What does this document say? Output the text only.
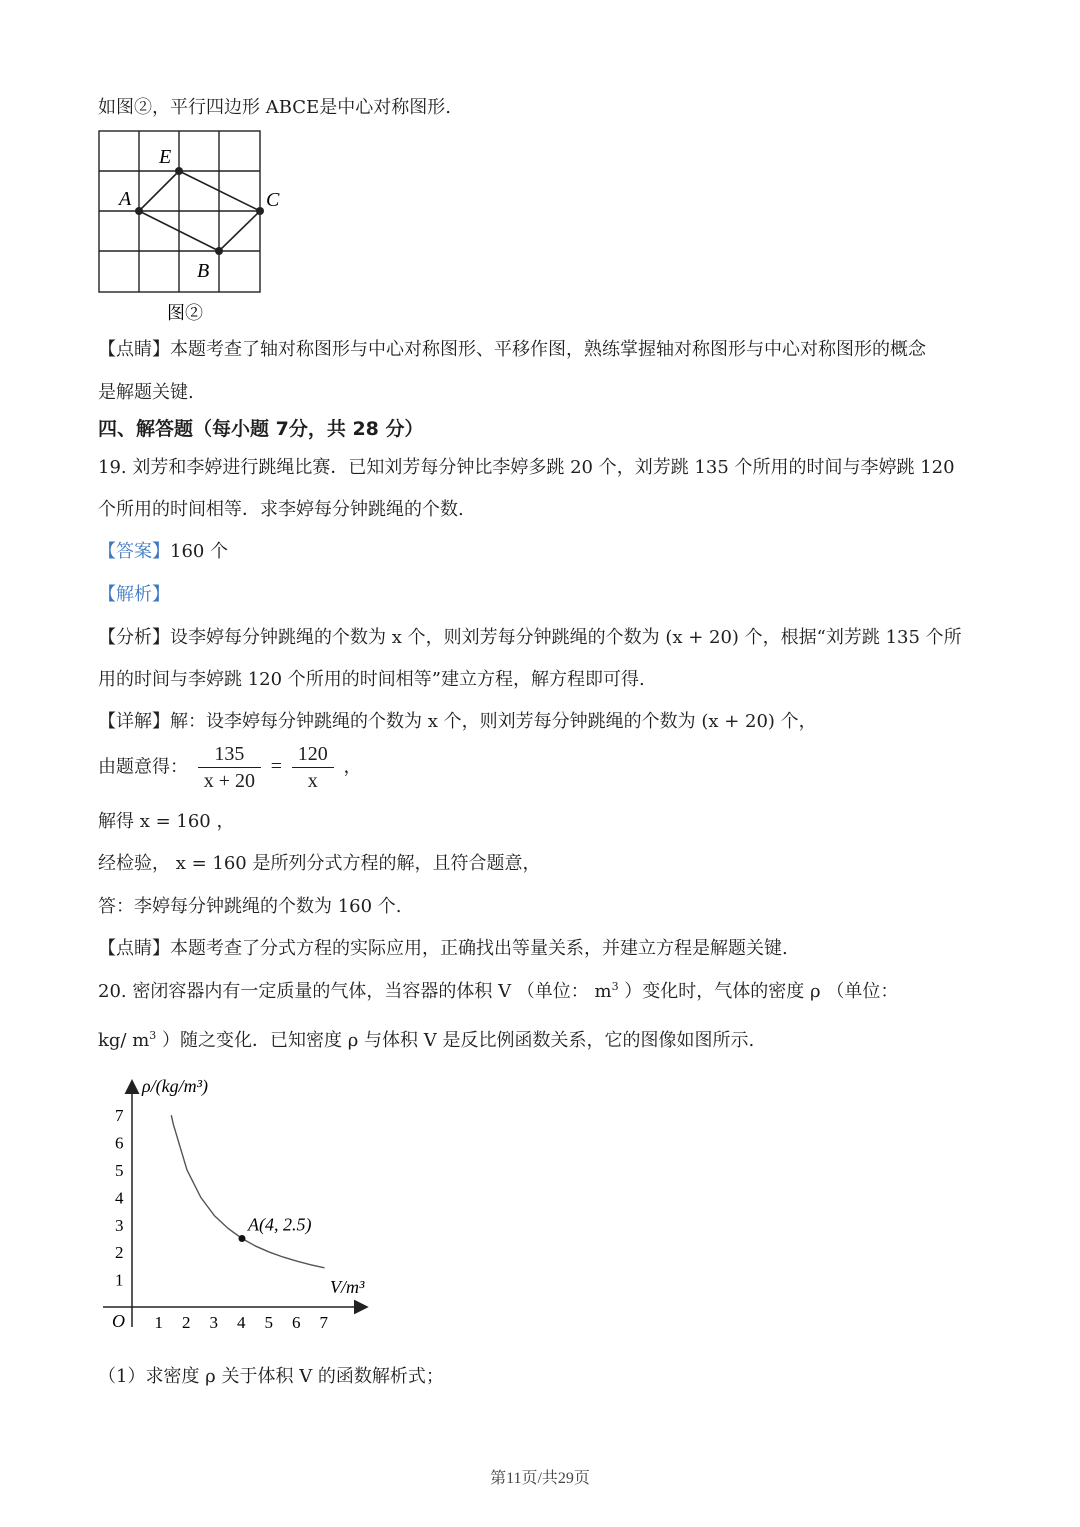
如图②，平行四边形 ABCE是中心对称图形.
E
A	C
B
图②
【点睛】本题考查了轴对称图形与中心对称图形、平移作图，熟练掌握轴对称图形与中心对称图形的概念
是解题关键.
四、解答题（每小题 7分，共 28 分）
19. 刘芳和李婷进行跳绳比赛．已知刘芳每分钟比李婷多跳 20 个，刘芳跳 135 个所用的时间与李婷跳 120
个所用的时间相等．求李婷每分钟跳绳的个数.
【答案】160 个
【解析】
【分析】设李婷每分钟跳绳的个数为 x 个，则刘芳每分钟跳绳的个数为 (x + 20) 个，根据“刘芳跳 135 个所
用的时间与李婷跳 120 个所用的时间相等”建立方程，解方程即可得.
【详解】解：设李婷每分钟跳绳的个数为 x 个，则刘芳每分钟跳绳的个数为 (x + 20) 个，
由题意得： $\frac{135}{x + 20} = \frac{120}{x}$ ，
解得 x = 160 ，
经检验， x = 160 是所列分式方程的解，且符合题意，
答：李婷每分钟跳绳的个数为 160 个.
【点睛】本题考查了分式方程的实际应用，正确找出等量关系，并建立方程是解题关键.
20. 密闭容器内有一定质量的气体，当容器的体积 V （单位： $m^3$ ）变化时，气体的密度 ρ （单位：
kg/ $m^3$ ）随之变化．已知密度 ρ 与体积 V 是反比例函数关系，它的图像如图所示.
A(4, 2.5)
V/m³
ρ/(kg/m³)
O 1 2 3 4 5 6 7
1
2
3
4
5
6
7
（1）求密度 ρ 关于体积 V 的函数解析式；
第11页/共29页
